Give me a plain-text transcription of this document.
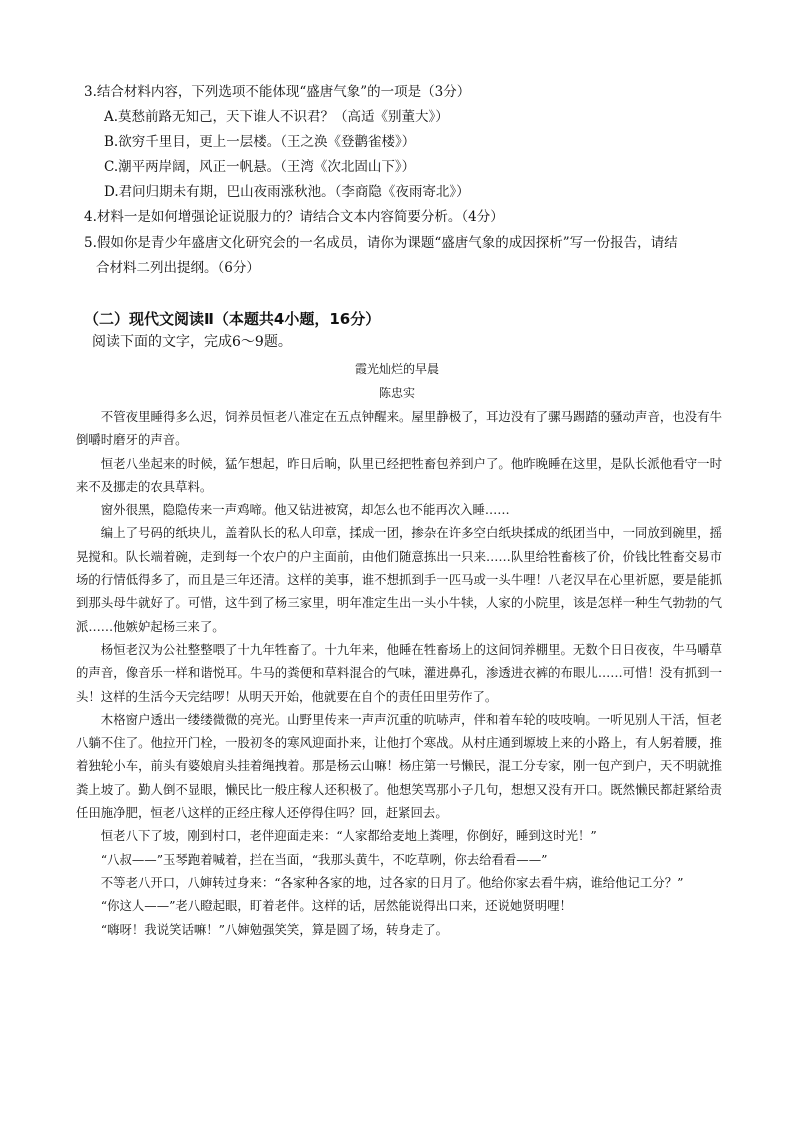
3.结合材料内容，下列选项不能体现“盛唐气象”的一项是（3分）
A.莫愁前路无知己，天下谁人不识君？（高适《别董大》）
B.欲穷千里目，更上一层楼。（王之涣《登鹳雀楼》）
C.潮平两岸阔，风正一帆悬。（王湾《次北固山下》）
D.君问归期未有期，巴山夜雨涨秋池。（李商隐《夜雨寄北》）
4.材料一是如何增强论证说服力的？请结合文本内容简要分析。（4分）
5.假如你是青少年盛唐文化研究会的一名成员，请你为课题“盛唐气象的成因探析”写一份报告，请结
合材料二列出提纲。（6分）
（二）现代文阅读Ⅱ（本题共4小题，16分）
阅读下面的文字，完成6～9题。
霞光灿烂的早晨
陈忠实

不管夜里睡得多么迟，饲养员恒老八准定在五点钟醒来。屋里静极了，耳边没有了骡马踢踏的骚动声音，也没有牛倒嚼时磨牙的声音。

恒老八坐起来的时候，猛乍想起，昨日后晌，队里已经把牲畜包养到户了。他昨晚睡在这里，是队长派他看守一时来不及挪走的农具草料。

窗外很黑，隐隐传来一声鸡啼。他又钻进被窝，却怎么也不能再次入睡……

编上了号码的纸块儿，盖着队长的私人印章，揉成一团，掺杂在许多空白纸块揉成的纸团当中，一同放到碗里，摇晃搅和。队长端着碗，走到每一个农户的户主面前，由他们随意拣出一只来……队里给牲畜核了价，价钱比牲畜交易市场的行情低得多了，而且是三年还清。这样的美事，谁不想抓到手一匹马或一头牛哩！八老汉早在心里祈愿，要是能抓到那头母牛就好了。可惜，这牛到了杨三家里，明年准定生出一头小牛犊，人家的小院里，该是怎样一种生气勃勃的气派……他嫉妒起杨三来了。

杨恒老汉为公社整整喂了十九年牲畜了。十九年来，他睡在牲畜场上的这间饲养棚里。无数个日日夜夜，牛马嚼草的声音，像音乐一样和谐悦耳。牛马的粪便和草料混合的气味，灌进鼻孔，渗透进衣裤的布眼儿……可惜！没有抓到一头！这样的生活今天完结啰！从明天开始，他就要在自个的责任田里劳作了。

木格窗户透出一缕缕微微的亮光。山野里传来一声声沉重的吭哧声，伴和着车轮的吱吱响。一听见别人干活，恒老八躺不住了。他拉开门栓，一股初冬的寒风迎面扑来，让他打个寒战。从村庄通到塬坡上来的小路上，有人躬着腰，推着独轮小车，前头有婆娘肩头挂着绳拽着。那是杨云山嘛！杨庄第一号懒民，混工分专家，刚一包产到户，天不明就推粪上坡了。勤人倒不显眼，懒民比一般庄稼人还积极了。他想笑骂那小子几句，想想又没有开口。既然懒民都赶紧给责任田施净肥，恒老八这样的正经庄稼人还停得住吗？回，赶紧回去。

恒老八下了坡，刚到村口，老伴迎面走来：“人家都给麦地上粪哩，你倒好，睡到这时光！”

“八叔——”玉琴跑着喊着，拦在当面，“我那头黄牛，不吃草咧，你去给看看——”

不等老八开口，八婶转过身来：“各家种各家的地，过各家的日月了。他给你家去看牛病，谁给他记工分？”

“你这人——”老八瞪起眼，盯着老伴。这样的话，居然能说得出口来，还说她贤明哩！

“嗨呀！我说笑话嘛！”八婶勉强笑笑，算是圆了场，转身走了。
